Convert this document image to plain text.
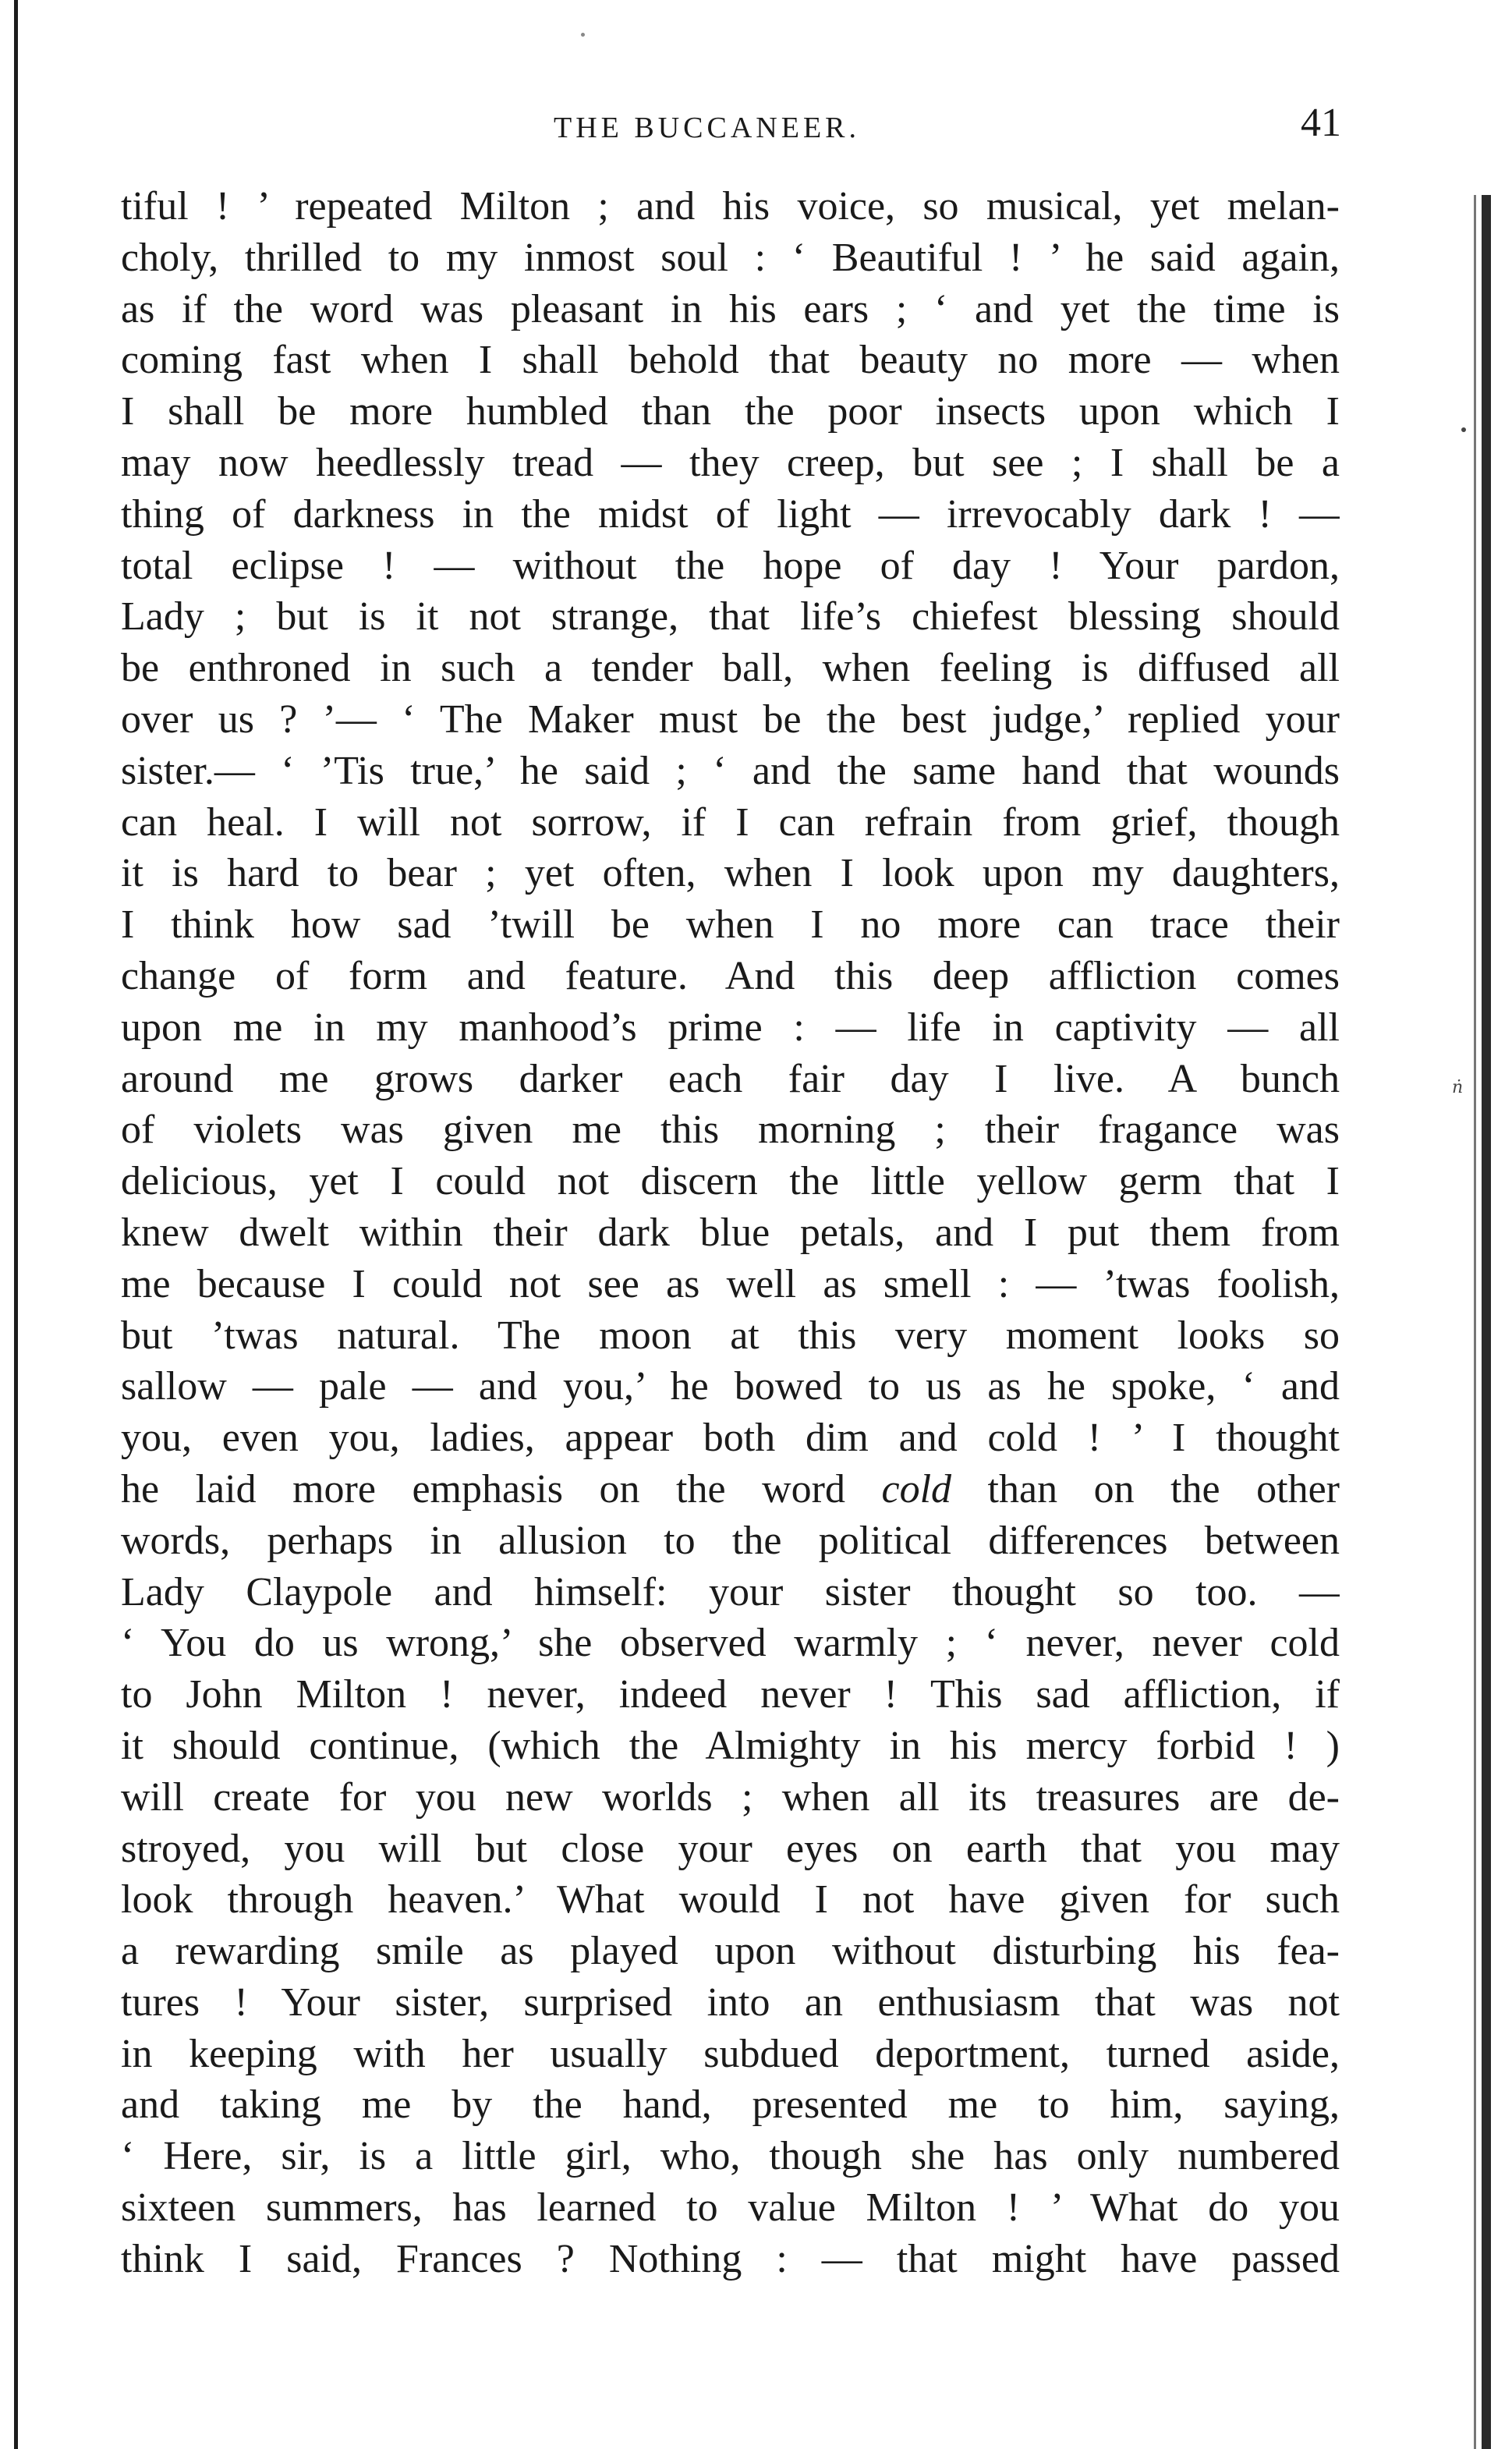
ṅ
THE BUCCANEER.	41
tiful ! ’ repeated Milton ; and his voice, so musical, yet melan-
choly, thrilled to my inmost soul : ‘ Beautiful ! ’ he said again,
as if the word was pleasant in his ears ; ‘ and yet the time is
coming fast when I shall behold that beauty no more — when
I shall be more humbled than the poor insects upon which I
may now heedlessly tread — they creep, but see ; I shall be a
thing of darkness in the midst of light — irrevocably dark ! —
total eclipse ! — without the hope of day ! Your pardon,
Lady ; but is it not strange, that life’s chiefest blessing should
be enthroned in such a tender ball, when feeling is diffused all
over us ? ’— ‘ The Maker must be the best judge,’ replied your
sister.— ‘ ’Tis true,’ he said ; ‘ and the same hand that wounds
can heal. I will not sorrow, if I can refrain from grief, though
it is hard to bear ; yet often, when I look upon my daughters,
I think how sad ’twill be when I no more can trace their
change of form and feature. And this deep affliction comes
upon me in my manhood’s prime : — life in captivity — all
around me grows darker each fair day I live. A bunch
of violets was given me this morning ; their fragance was
delicious, yet I could not discern the little yellow germ that I
knew dwelt within their dark blue petals, and I put them from
me because I could not see as well as smell : — ’twas foolish,
but ’twas natural. The moon at this very moment looks so
sallow — pale — and you,’ he bowed to us as he spoke, ‘ and
you, even you, ladies, appear both dim and cold ! ’ I thought
he laid more emphasis on the word cold than on the other
words, perhaps in allusion to the political differences between
Lady Claypole and himself: your sister thought so too. —
‘ You do us wrong,’ she observed warmly ; ‘ never, never cold
to John Milton ! never, indeed never ! This sad affliction, if
it should continue, (which the Almighty in his mercy forbid ! )
will create for you new worlds ; when all its treasures are de-
stroyed, you will but close your eyes on earth that you may
look through heaven.’ What would I not have given for such
a rewarding smile as played upon without disturbing his fea-
tures ! Your sister, surprised into an enthusiasm that was not
in keeping with her usually subdued deportment, turned aside,
and taking me by the hand, presented me to him, saying,
‘ Here, sir, is a little girl, who, though she has only numbered
sixteen summers, has learned to value Milton ! ’ What do you
think I said, Frances ? Nothing : — that might have passed
